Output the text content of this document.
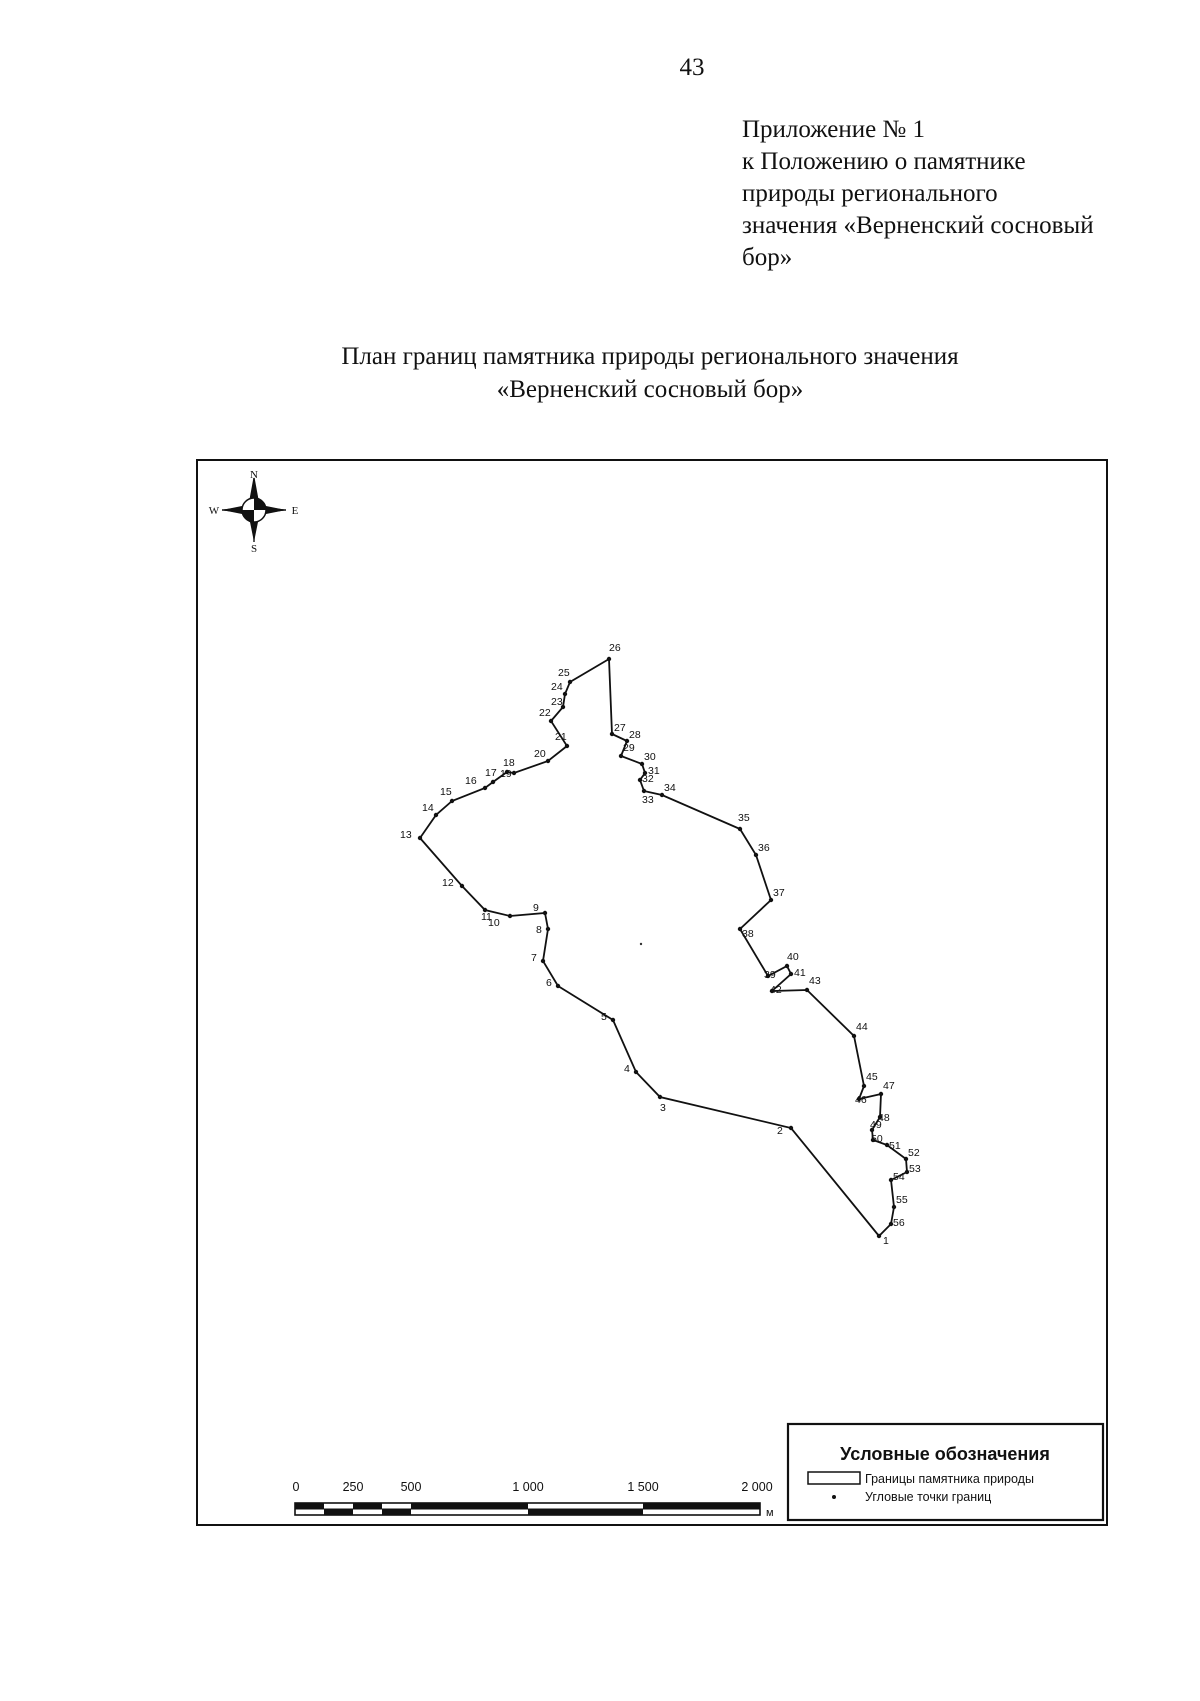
43
Приложение № 1
к Положению о памятнике
природы регионального
значения «Верненский сосновый
бор»
План границ памятника природы регионального значения
«Верненский сосновый бор»
N
S
W	E
1
2
3
4
5
6
7
8
9
10
11
12
13
14
15
16
17
18
19
20
21
22
23
24
25
26
27
28
29
30
31
32
33
34
35
36
37
38
39
40
41
42
43
44
45
46
47
48
49
50
51
52
53
54
55
56
0	250	500	1 000	1 500	2 000
м
Условные обозначения
Границы памятника природы
Угловые точки границ
